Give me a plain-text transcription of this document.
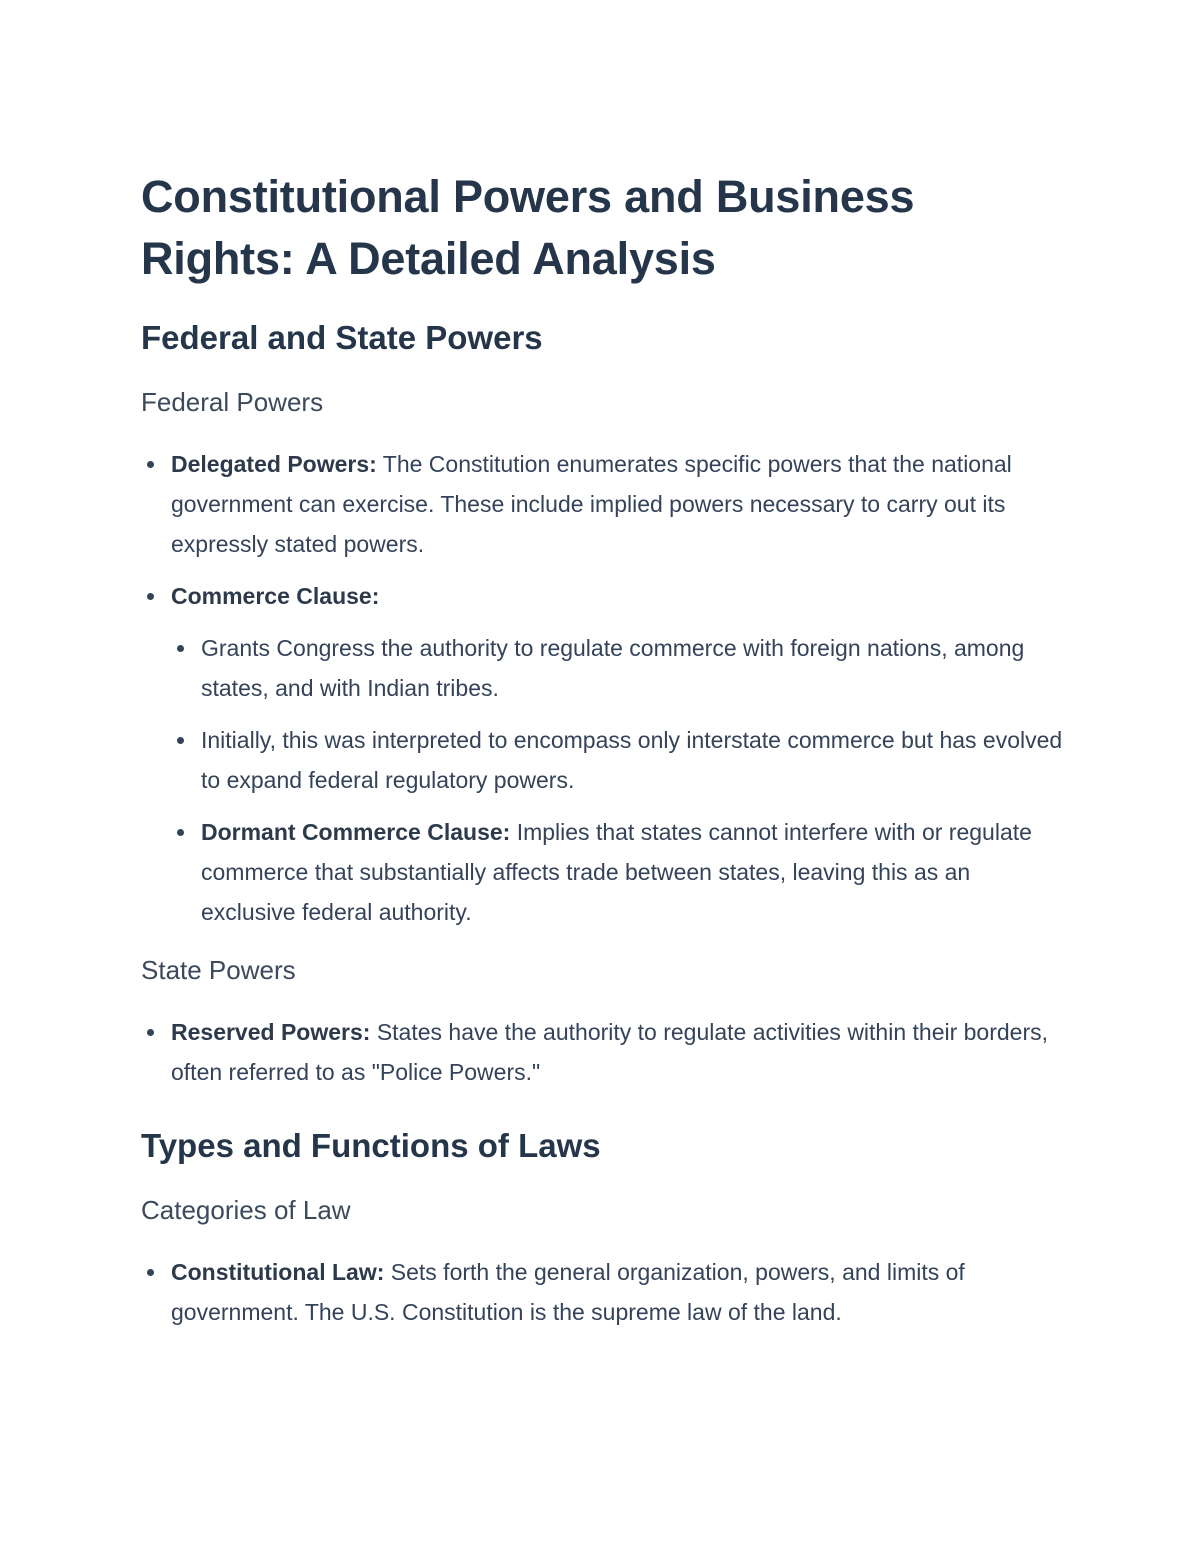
Constitutional Powers and Business
Rights: A Detailed Analysis
Federal and State Powers
Federal Powers
Delegated Powers: The Constitution enumerates specific powers that the national government can exercise. These include implied powers necessary to carry out its expressly stated powers.
Commerce Clause:
Grants Congress the authority to regulate commerce with foreign nations, among states, and with Indian tribes.
Initially, this was interpreted to encompass only interstate commerce but has evolved to expand federal regulatory powers.
Dormant Commerce Clause: Implies that states cannot interfere with or regulate commerce that substantially affects trade between states, leaving this as an exclusive federal authority.
State Powers
Reserved Powers: States have the authority to regulate activities within their borders, often referred to as "Police Powers."
Types and Functions of Laws
Categories of Law
Constitutional Law: Sets forth the general organization, powers, and limits of government. The U.S. Constitution is the supreme law of the land.
